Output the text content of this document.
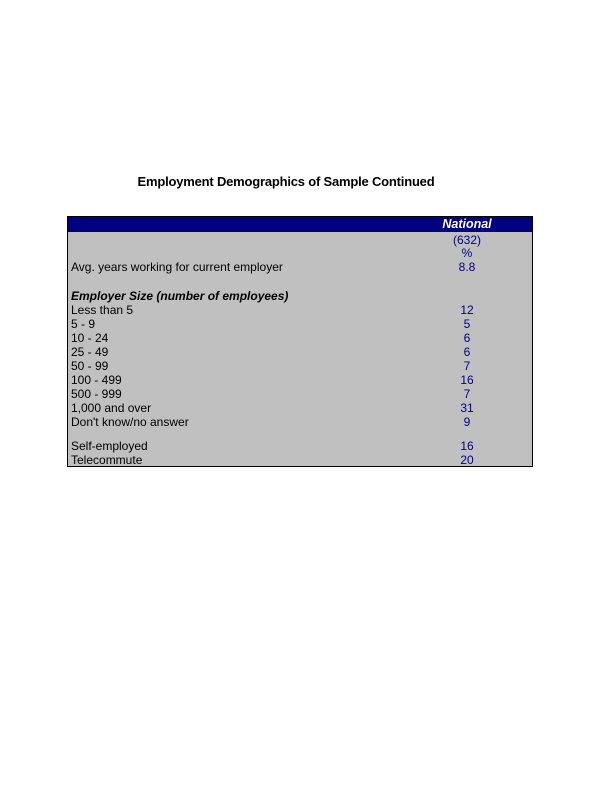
Employment Demographics of Sample Continued
National
(632)
%
Avg. years working for current employer	8.8
Employer Size (number of employees)
Less than 5	12
5 - 9	5
10 - 24	6
25 - 49	6
50 - 99	7
100 - 499	16
500 - 999	7
1,000 and over	31
Don't know/no answer	9
Self-employed	16
Telecommute	20
